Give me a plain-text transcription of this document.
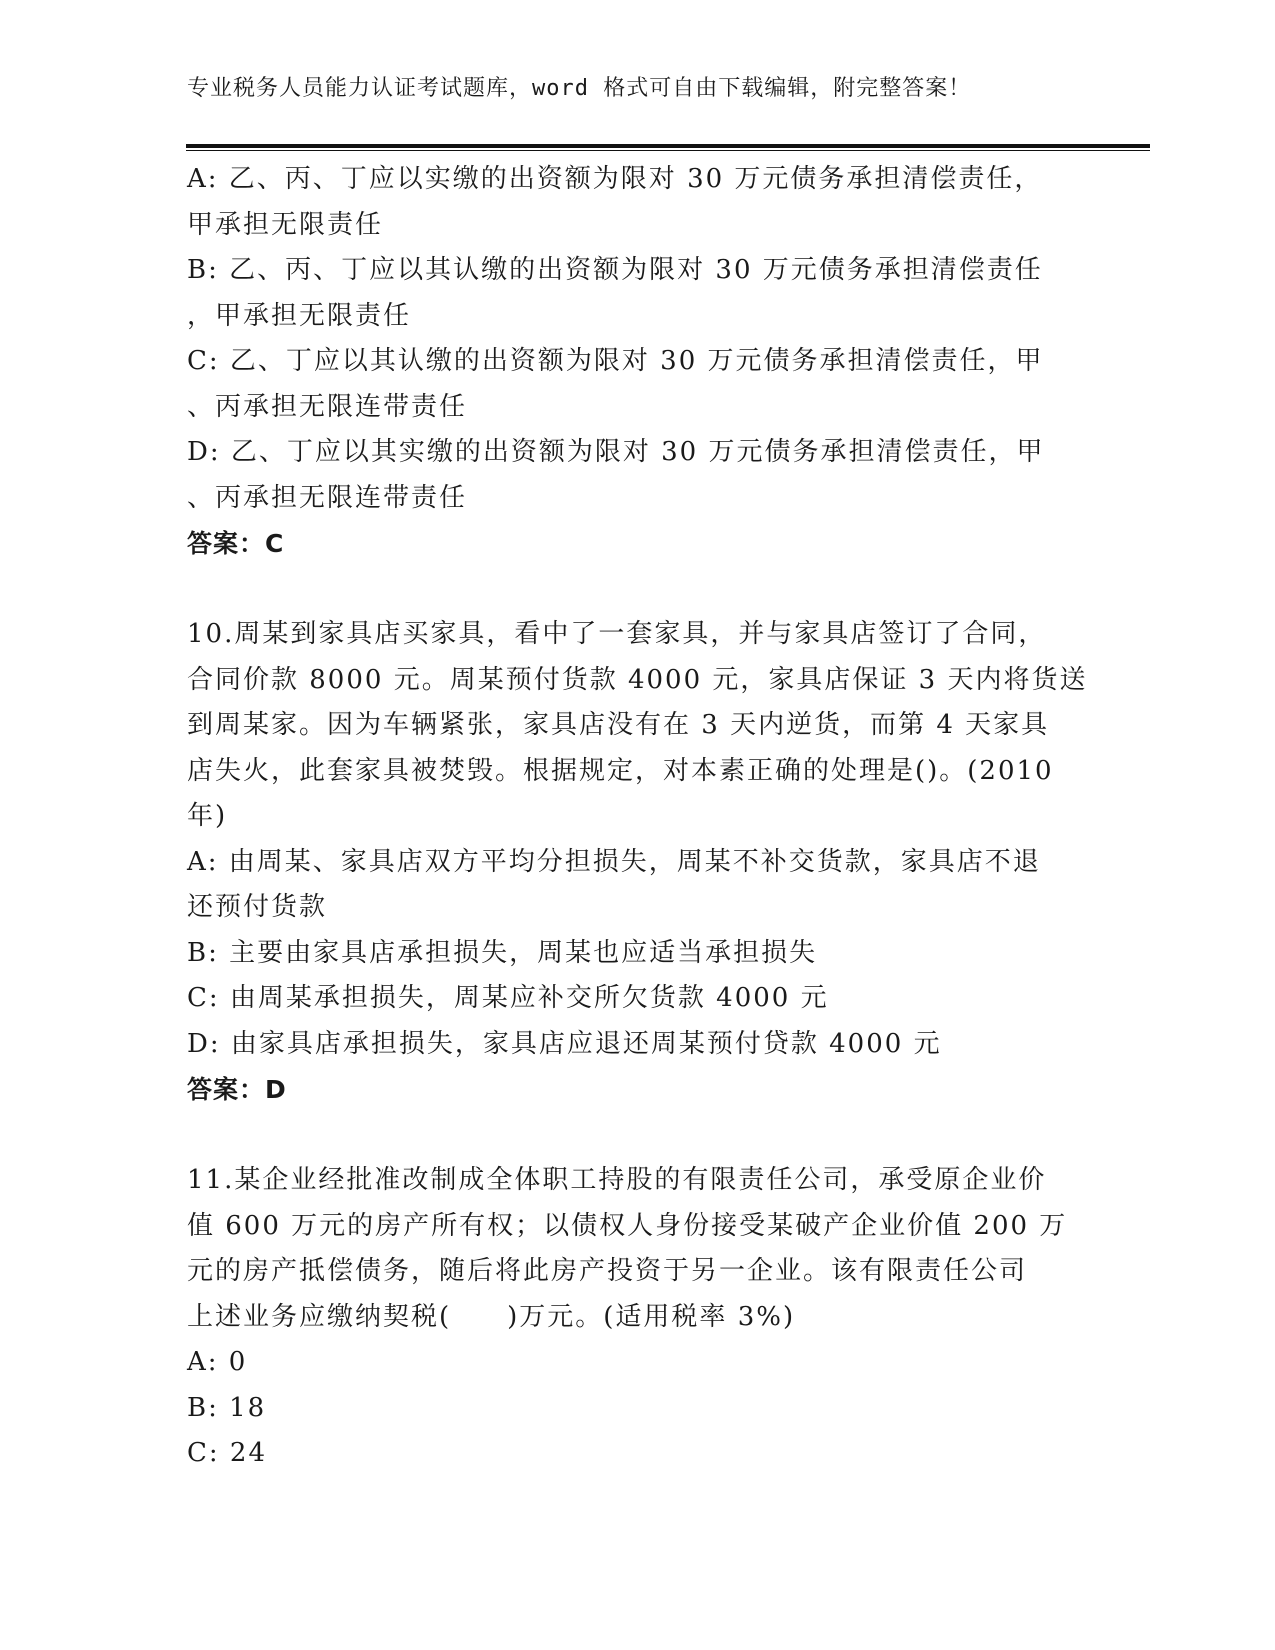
专业税务人员能力认证考试题库，word 格式可自由下载编辑，附完整答案！
A: 乙、丙、丁应以实缴的出资额为限对 30 万元债务承担清偿责任，
甲承担无限责任
B: 乙、丙、丁应以其认缴的出资额为限对 30 万元债务承担清偿责任
，甲承担无限责任
C: 乙、丁应以其认缴的出资额为限对 30 万元债务承担清偿责任，甲
、丙承担无限连带责任
D: 乙、丁应以其实缴的出资额为限对 30 万元债务承担清偿责任，甲
、丙承担无限连带责任
答案：C
10.周某到家具店买家具，看中了一套家具，并与家具店签订了合同，
合同价款 8000 元。周某预付货款 4000 元，家具店保证 3 天内将货送
到周某家。因为车辆紧张，家具店没有在 3 天内逆货，而第 4 天家具
店失火，此套家具被焚毁。根据规定，对本素正确的处理是()。(2010
年)
A: 由周某、家具店双方平均分担损失，周某不补交货款，家具店不退
还预付货款
B: 主要由家具店承担损失，周某也应适当承担损失
C: 由周某承担损失，周某应补交所欠货款 4000 元
D: 由家具店承担损失，家具店应退还周某预付贷款 4000 元
答案：D
11.某企业经批准改制成全体职工持股的有限责任公司，承受原企业价
值 600 万元的房产所有权；以债权人身份接受某破产企业价值 200 万
元的房产抵偿债务，随后将此房产投资于另一企业。该有限责任公司
上述业务应缴纳契税(　　)万元。(适用税率 3%)
A: 0
B: 18
C: 24
